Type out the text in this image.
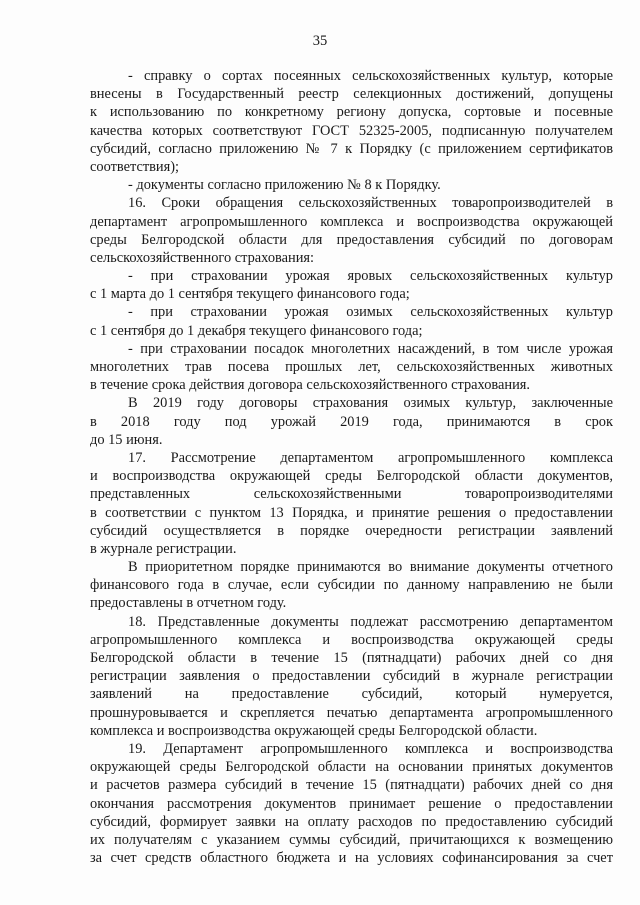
35
- справку о сортах посеянных сельскохозяйственных культур, которые
внесены в Государственный реестр селекционных достижений, допущены
к использованию по конкретному региону допуска, сортовые и посевные
качества которых соответствуют ГОСТ 52325-2005, подписанную получателем
субсидий, согласно приложению № 7 к Порядку (с приложением сертификатов
соответствия);
- документы согласно приложению № 8 к Порядку.
16. Сроки обращения сельскохозяйственных товаропроизводителей в
департамент агропромышленного комплекса и воспроизводства окружающей
среды Белгородской области для предоставления субсидий по договорам
сельскохозяйственного страхования:
- при страховании урожая яровых сельскохозяйственных культур
с 1 марта до 1 сентября текущего финансового года;
- при страховании урожая озимых сельскохозяйственных культур
с 1 сентября до 1 декабря текущего финансового года;
- при страховании посадок многолетних насаждений, в том числе урожая
многолетних трав посева прошлых лет, сельскохозяйственных животных
в течение срока действия договора сельскохозяйственного страхования.
В 2019 году договоры страхования озимых культур, заключенные
в 2018 году под урожай 2019 года, принимаются в срок
до 15 июня.
17. Рассмотрение департаментом агропромышленного комплекса
и воспроизводства окружающей среды Белгородской области документов,
представленных сельскохозяйственными товаропроизводителями
в соответствии с пунктом 13 Порядка, и принятие решения о предоставлении
субсидий осуществляется в порядке очередности регистрации заявлений
в журнале регистрации.
В приоритетном порядке принимаются во внимание документы отчетного
финансового года в случае, если субсидии по данному направлению не были
предоставлены в отчетном году.
18. Представленные документы подлежат рассмотрению департаментом
агропромышленного комплекса и воспроизводства окружающей среды
Белгородской области в течение 15 (пятнадцати) рабочих дней со дня
регистрации заявления о предоставлении субсидий в журнале регистрации
заявлений на предоставление субсидий, который нумеруется,
прошнуровывается и скрепляется печатью департамента агропромышленного
комплекса и воспроизводства окружающей среды Белгородской области.
19. Департамент агропромышленного комплекса и воспроизводства
окружающей среды Белгородской области на основании принятых документов
и расчетов размера субсидий в течение 15 (пятнадцати) рабочих дней со дня
окончания рассмотрения документов принимает решение о предоставлении
субсидий, формирует заявки на оплату расходов по предоставлению субсидий
их получателям с указанием суммы субсидий, причитающихся к возмещению
за счет средств областного бюджета и на условиях софинансирования за счет
